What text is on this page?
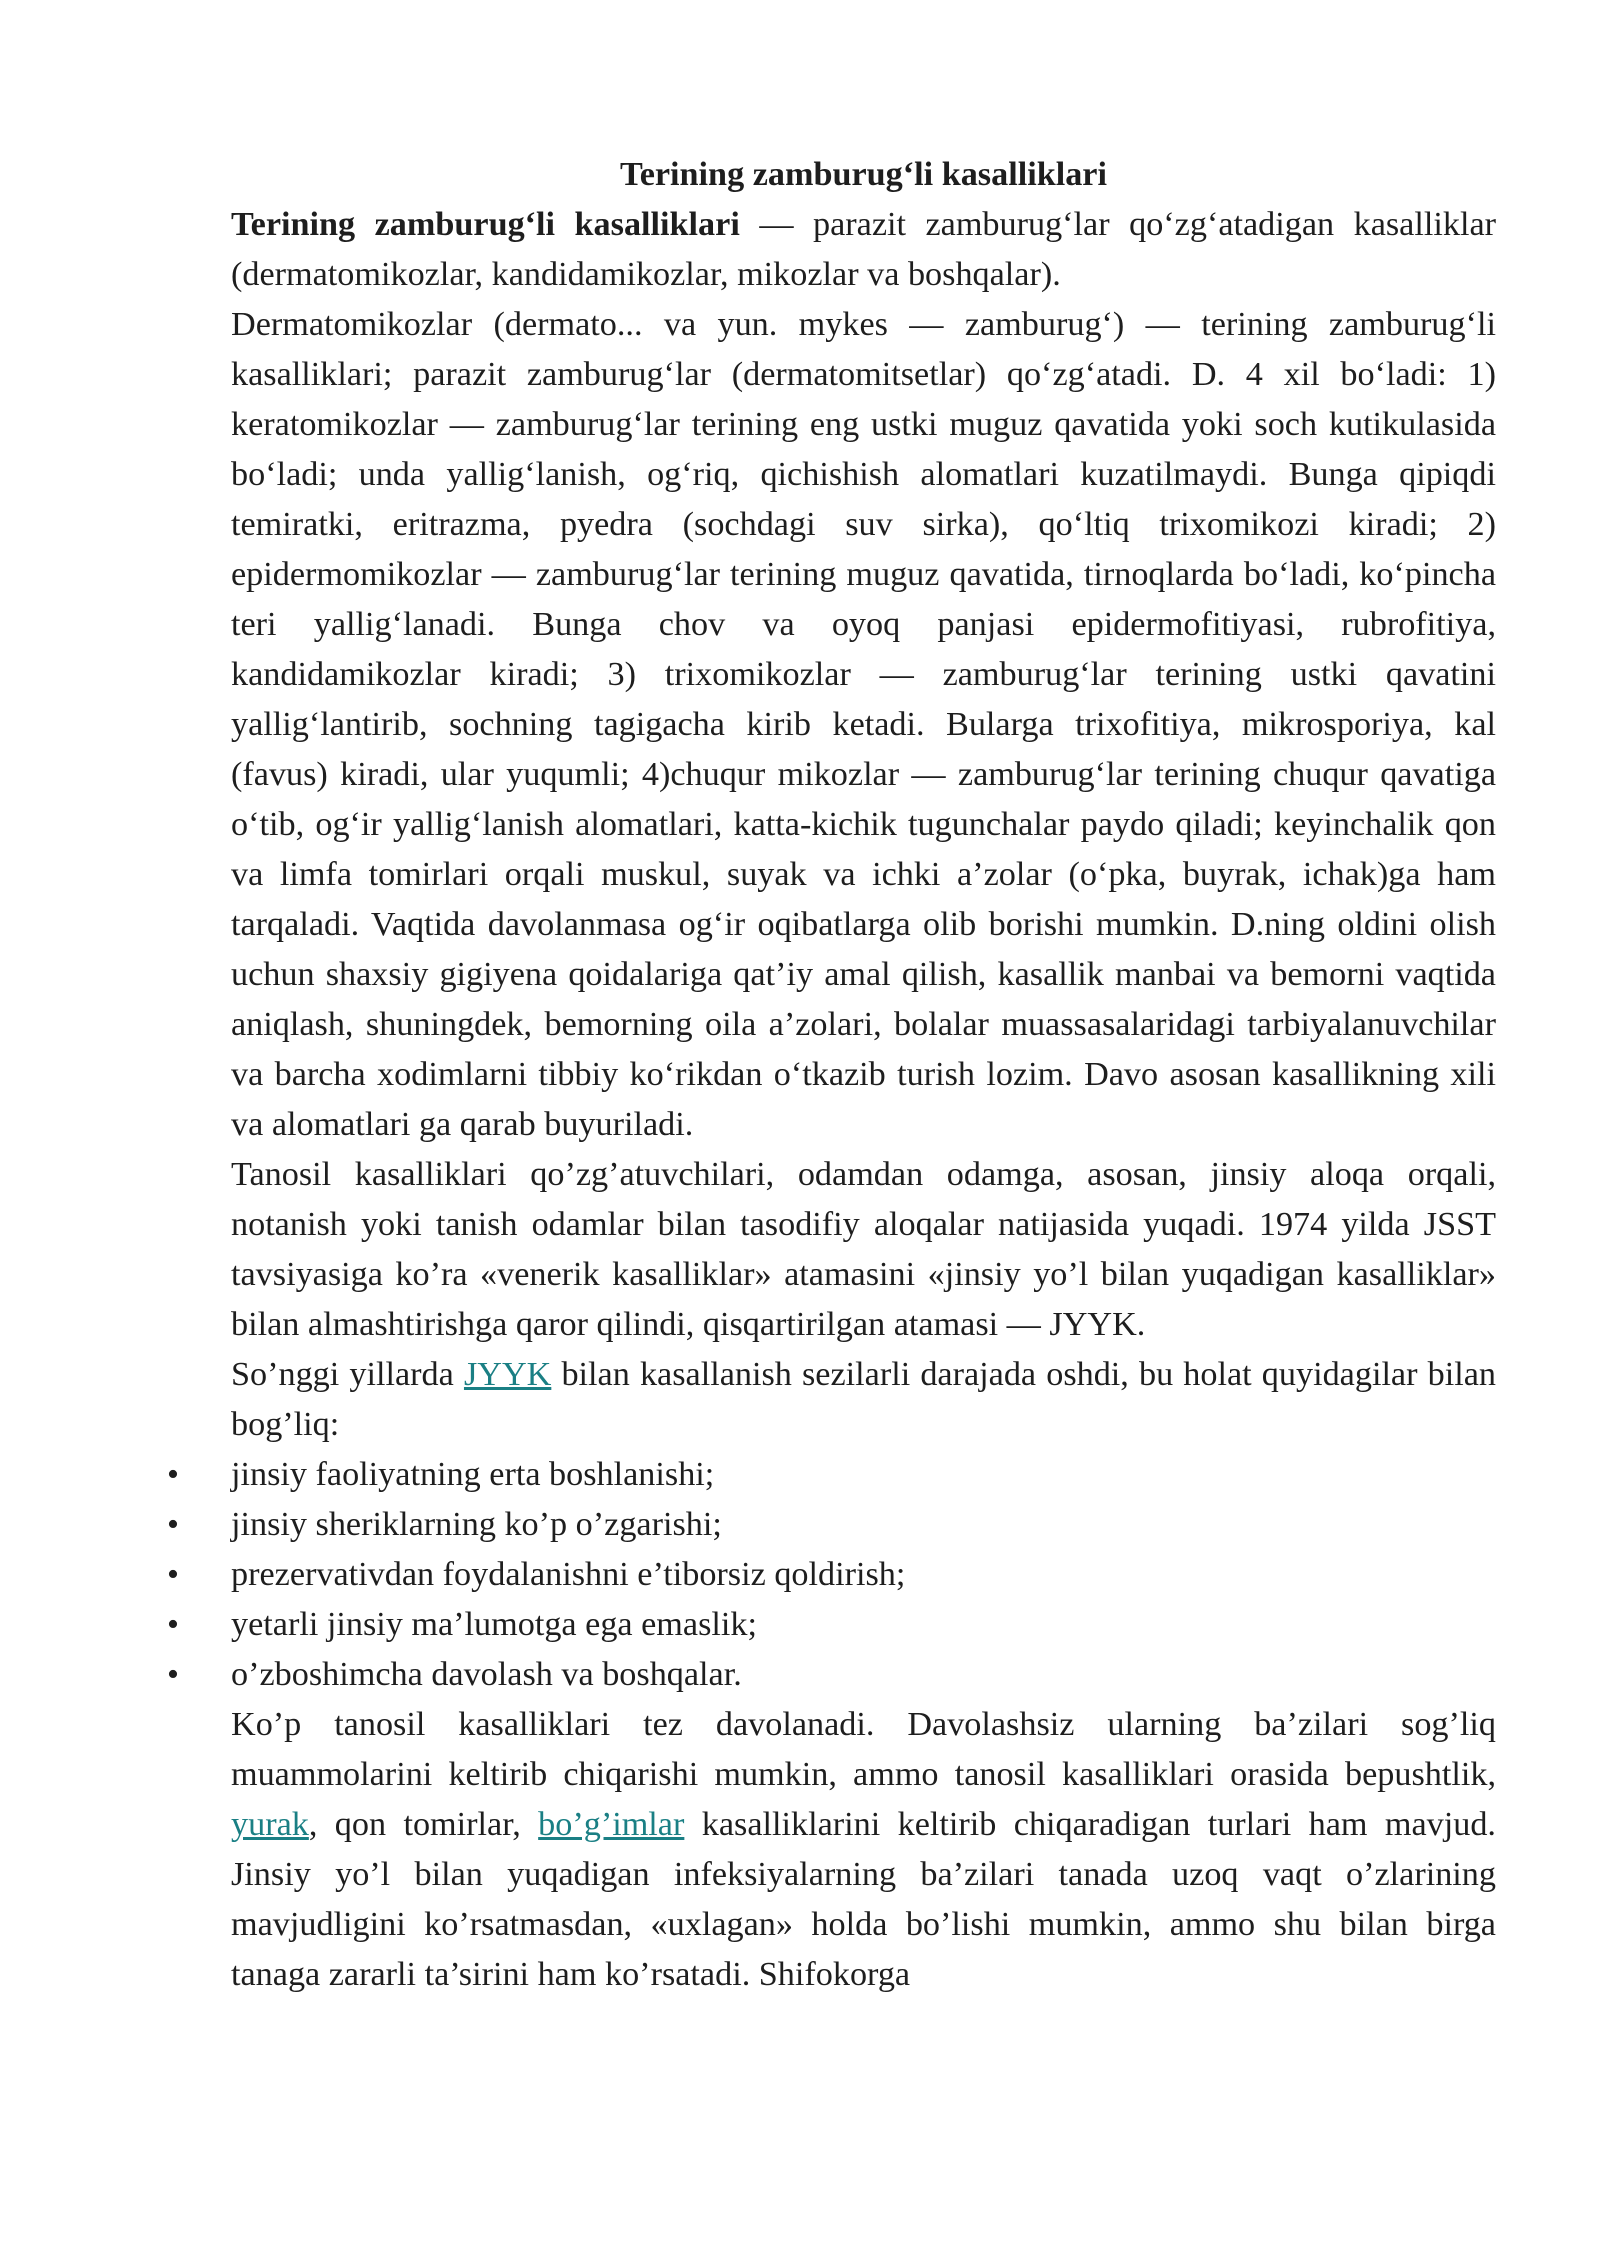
Terining zamburug‘li kasalliklari

Terining zamburug‘li kasalliklari — parazit zamburug‘lar qo‘zg‘atadigan kasalliklar (dermatomikozlar, kandidamikozlar, mikozlar va boshqalar).

Dermatomikozlar (dermato... va yun. mykes — zamburug‘) — terining zamburug‘li kasalliklari; parazit zamburug‘lar (dermatomitsetlar) qo‘zg‘atadi. D. 4 xil bo‘ladi: 1) keratomikozlar — zamburug‘lar terining eng ustki muguz qavatida yoki soch kutikulasida bo‘ladi; unda yallig‘lanish, og‘riq, qichishish alomatlari kuzatilmaydi. Bunga qipiqdi temiratki, eritrazma, pyedra (sochdagi suv sirka), qo‘ltiq trixomikozi kiradi; 2) epidermomikozlar — zamburug‘lar terining muguz qavatida, tirnoqlarda bo‘ladi, ko‘pincha teri yallig‘lanadi. Bunga chov va oyoq panjasi epidermofitiyasi, rubrofitiya, kandidamikozlar kiradi; 3) trixomikozlar — zamburug‘lar terining ustki qavatini yallig‘lantirib, sochning tagigacha kirib ketadi. Bularga trixofitiya, mikrosporiya, kal (favus) kiradi, ular yuqumli; 4)chuqur mikozlar — zamburug‘lar terining chuqur qavatiga o‘tib, og‘ir yallig‘lanish alomatlari, katta-kichik tugunchalar paydo qiladi; keyinchalik qon va limfa tomirlari orqali muskul, suyak va ichki a’zolar (o‘pka, buyrak, ichak)ga ham tarqaladi. Vaqtida davolanmasa og‘ir oqibatlarga olib borishi mumkin. D.ning oldini olish uchun shaxsiy gigiyena qoidalariga qat’iy amal qilish, kasallik manbai va bemorni vaqtida aniqlash, shuningdek, bemorning oila a’zolari, bolalar muassasalaridagi tarbiyalanuvchilar va barcha xodimlarni tibbiy ko‘rikdan o‘tkazib turish lozim. Davo asosan kasallikning xili va alomatlari ga qarab buyuriladi.

Tanosil kasalliklari qo’zg’atuvchilari, odamdan odamga, asosan, jinsiy aloqa orqali, notanish yoki tanish odamlar bilan tasodifiy aloqalar natijasida yuqadi. 1974 yilda JSST tavsiyasiga ko’ra «venerik kasalliklar» atamasini «jinsiy yo’l bilan yuqadigan kasalliklar» bilan almashtirishga qaror qilindi, qisqartirilgan atamasi — JYYK.

So’nggi yillarda JYYK bilan kasallanish sezilarli darajada oshdi, bu holat quyidagilar bilan bog’liq:

• jinsiy faoliyatning erta boshlanishi;
• jinsiy sheriklarning ko’p o’zgarishi;
• prezervativdan foydalanishni e’tiborsiz qoldirish;
• yetarli jinsiy ma’lumotga ega emaslik;
• o’zboshimcha davolash va boshqalar.

Ko’p tanosil kasalliklari tez davolanadi. Davolashsiz ularning ba’zilari sog’liq muammolarini keltirib chiqarishi mumkin, ammo tanosil kasalliklari orasida bepushtlik, yurak, qon tomirlar, bo’g’imlar kasalliklarini keltirib chiqaradigan turlari ham mavjud. Jinsiy yo’l bilan yuqadigan infeksiyalarning ba’zilari tanada uzoq vaqt o’zlarining mavjudligini ko’rsatmasdan, «uxlagan» holda bo’lishi mumkin, ammo shu bilan birga tanaga zararli ta’sirini ham ko’rsatadi. Shifokorga
